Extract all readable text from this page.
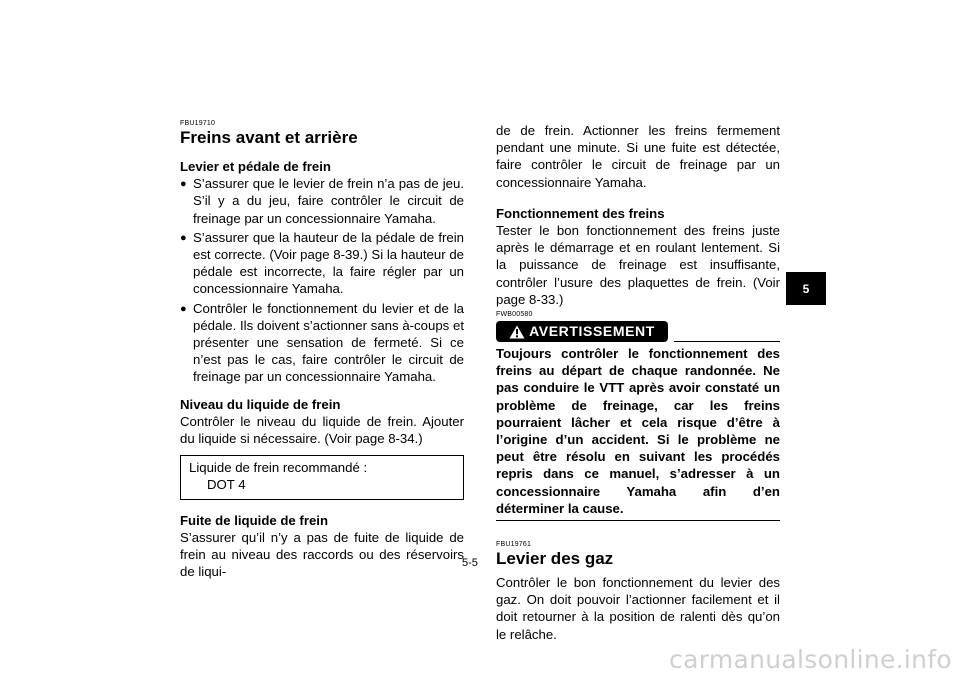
FBU19710
Freins avant et arrière
Levier et pédale de frein
● S’assurer que le levier de frein n’a pas de jeu. S’il y a du jeu, faire contrôler le circuit de freinage par un concessionnaire Yamaha.
● S’assurer que la hauteur de la pédale de frein est correcte. (Voir page 8-39.) Si la hauteur de pédale est incorrecte, la faire régler par un concessionnaire Yamaha.
● Contrôler le fonctionnement du levier et de la pédale. Ils doivent s’actionner sans à-coups et présenter une sensation de fermeté. Si ce n’est pas le cas, faire contrôler le circuit de freinage par un concessionnaire Yamaha.
Niveau du liquide de frein

Contrôler le niveau du liquide de frein. Ajouter du liquide si nécessaire. (Voir page 8-34.)

Liquide de frein recommandé :
DOT 4
Fuite de liquide de frein

S’assurer qu’il n’y a pas de fuite de liquide de frein au niveau des raccords ou des réservoirs de liqui-

de de frein. Actionner les freins fermement pendant une minute. Si une fuite est détectée, faire contrôler le circuit de freinage par un concessionnaire Yamaha.

Fonctionnement des freins

Tester le bon fonctionnement des freins juste après le démarrage et en roulant lentement. Si la puissance de freinage est insuffisante, contrôler l’usure des plaquettes de frein. (Voir page 8-33.)

FWB00580
AVERTISSEMENT
Toujours contrôler le fonctionnement des freins au départ de chaque randonnée. Ne pas conduire le VTT après avoir constaté un problème de freinage, car les freins pourraient lâcher et cela risque d’être à l’origine d’un accident. Si le problème ne peut être résolu en suivant les procédés repris dans ce manuel, s’adresser à un concessionnaire Yamaha afin d’en déterminer la cause.
FBU19761
Levier des gaz

Contrôler le bon fonctionnement du levier des gaz. On doit pouvoir l’actionner facilement et il doit retourner à la position de ralenti dès qu’on le relâche.

5-5
5
carmanualsonline.info
